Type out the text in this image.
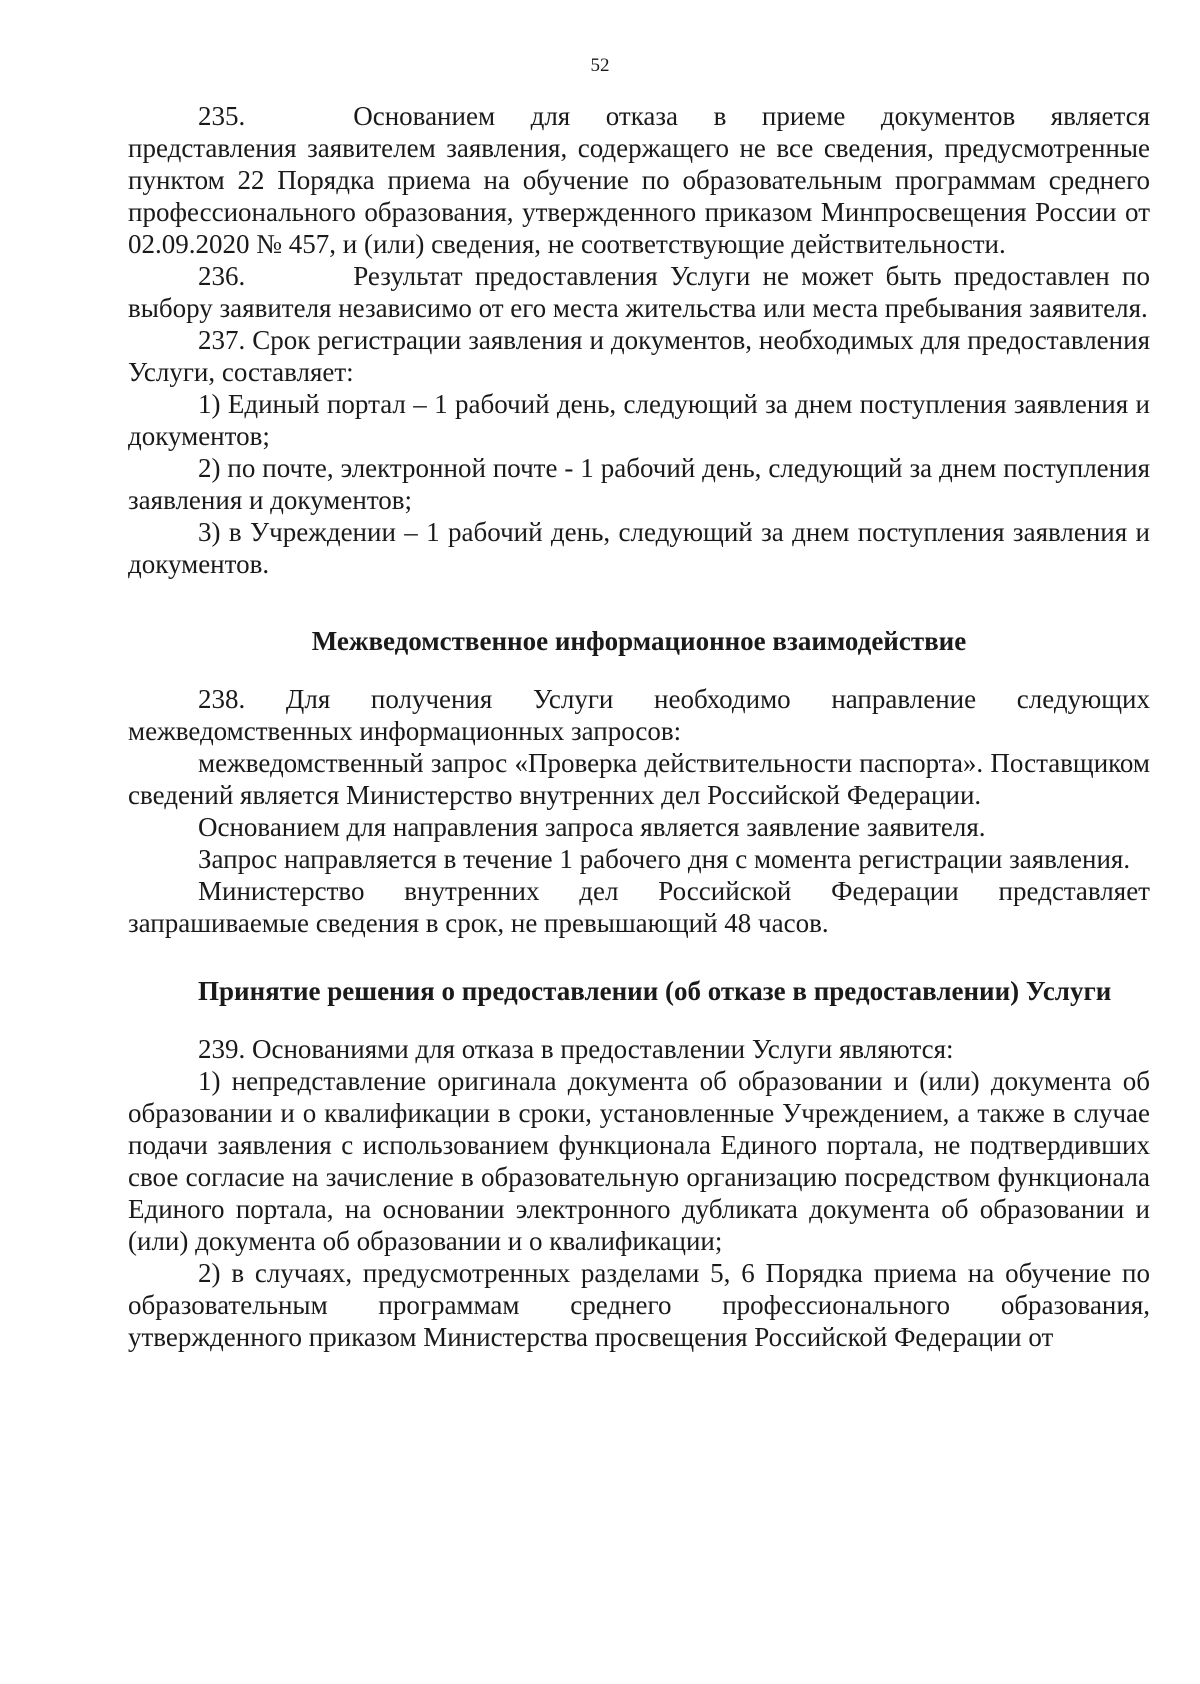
52

235.    Основанием для отказа в приеме документов является представления заявителем заявления, содержащего не все сведения, предусмотренные пунктом 22 Порядка приема на обучение по образовательным программам среднего профессионального образования, утвержденного приказом Минпросвещения России от 02.09.2020 № 457, и (или) сведения, не соответствующие действительности.

236.    Результат предоставления Услуги не может быть предоставлен по выбору заявителя независимо от его места жительства или места пребывания заявителя.

237. Срок регистрации заявления и документов, необходимых для предоставления Услуги, составляет:

1) Единый портал – 1 рабочий день, следующий за днем поступления заявления и документов;

2) по почте, электронной почте - 1 рабочий день, следующий за днем поступления заявления и документов;

3) в Учреждении – 1 рабочий день, следующий за днем поступления заявления и документов.

Межведомственное информационное взаимодействие

238. Для получения Услуги необходимо направление следующих межведомственных информационных запросов:

межведомственный запрос «Проверка действительности паспорта». Поставщиком сведений является Министерство внутренних дел Российской Федерации.

Основанием для направления запроса является заявление заявителя.

Запрос направляется в течение 1 рабочего дня с момента регистрации заявления.

Министерство внутренних дел Российской Федерации представляет запрашиваемые сведения в срок, не превышающий 48 часов.

Принятие решения о предоставлении (об отказе в предоставлении) Услуги

239. Основаниями для отказа в предоставлении Услуги являются:

1) непредставление оригинала документа об образовании и (или) документа об образовании и о квалификации в сроки, установленные Учреждением, а также в случае подачи заявления с использованием функционала Единого портала, не подтвердивших свое согласие на зачисление в образовательную организацию посредством функционала Единого портала, на основании электронного дубликата документа об образовании и (или) документа об образовании и о квалификации;

2) в случаях, предусмотренных разделами 5, 6 Порядка приема на обучение по образовательным программам среднего профессионального образования, утвержденного приказом Министерства просвещения Российской Федерации от
